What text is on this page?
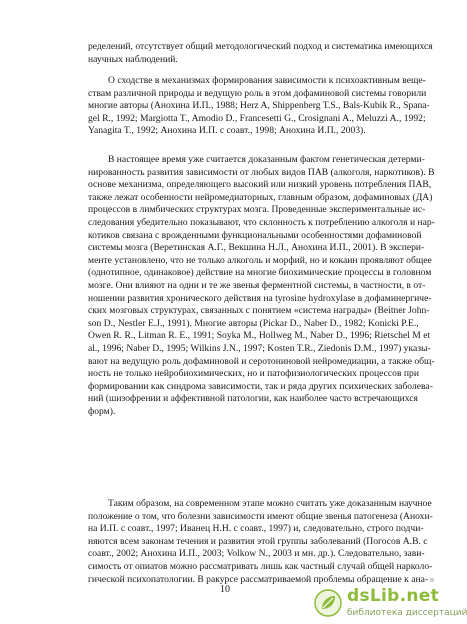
ределений, отсутствует общий методологический подход и систематика имеющихся
научных наблюдений.
О сходстве в механизмах формирования зависимости к психоактивным веще-
ствам различной природы и ведущую роль в этом дофаминовой системы говорили
многие авторы (Анохина И.П., 1988; Herz A, Shippenberg T.S., Bals-Kubik R., Spana-
gel R., 1992; Margiotta T., Amodio D., Francesetti G., Crosignani A., Meluzzi A., 1992;
Yanagita T., 1992; Анохина И.П. с соавт., 1998; Анохина И.П., 2003).
В настоящее время уже считается доказанным фактом генетическая детерми-
нированность развития зависимости от любых видов ПАВ (алкоголя, наркотиков). В
основе механизма, определяющего высокий или низкий уровень потребления ПАВ,
также лежат особенности нейромедиаторных, главным образом, дофаминовых (ДА)
процессов в лимбических структурах мозга. Проведенные экспериментальные ис-
следования убедительно показывают, что склонность к потреблению алкоголя и нар-
котиков связана с врожденными функциональными особенностями дофаминовой
системы мозга (Веретинская А.Г., Векшина Н.Л., Анохина И.П., 2001). В экспери-
менте установлено, что не только алкоголь и морфий, но и кокаин проявляют общее
(однотипное, одинаковое) действие на многие биохимические процессы в головном
мозге. Они влияют на одни и те же звенья ферментной системы, в частности, в от-
ношении развития хронического действия на tyrosine hydroxylase в дофаминергиче-
ских мозговых структурах, связанных с понятием «система награды» (Beitner John-
son D., Nestler E.J., 1991). Многие авторы (Pickar D., Naber D., 1982; Konicki P.E.,
Owen R. R., Litman R. E., 1991; Soyka M., Hollweg M., Naber D., 1996; Rietschel M et
al., 1996; Naber D., 1995; Wilkins J.N., 1997; Kosten T.R., Ziedonis D.M., 1997) указы-
вают на ведущую роль дофаминовой и серотониновой нейромедиации, а также общ-
ность не только нейробиохимических, но и патофизиологических процессов при
формировании как синдрома зависимости, так и ряда других психических заболева-
ний (шизофрении и аффективной патологии, как наиболее часто встречающихся
форм).
Таким образом, на современном этапе можно считать уже доказанным научное
положение о том, что болезни зависимости имеют общие звенья патогенеза (Анохи-
на И.П. с соавт., 1997; Иванец Н.Н. с соавт., 1997) и, следовательно, строго подчи-
няются всем законам течения и развития этой группы заболеваний (Погосов А.В. с
соавт., 2002; Анохина И.П., 2003; Volkow N., 2003 и мн. др.). Следовательно, зави-
симость от опиатов можно рассматривать лишь как частный случай общей нарколо-
гической психопатологии. В ракурсе рассматриваемой проблемы обращение к ана-
10	dsLib.net
библиотека диссертаций
